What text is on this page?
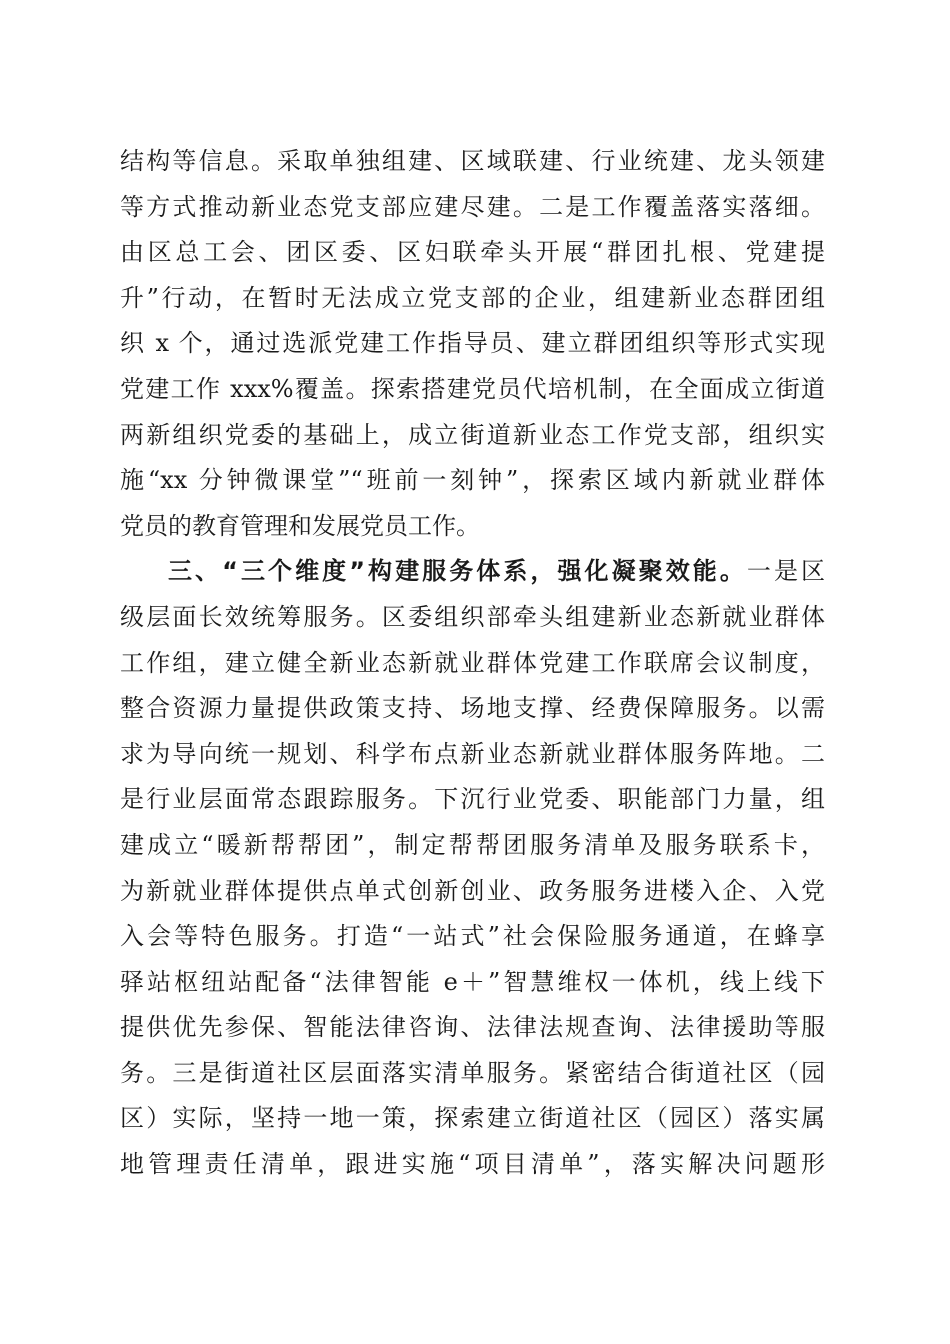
结构等信息。采取单独组建、区域联建、行业统建、龙头领建
等方式推动新业态党支部应建尽建。二是工作覆盖落实落细。
由区总工会、团区委、区妇联牵头开展“群团扎根、党建提
升”行动，在暂时无法成立党支部的企业，组建新业态群团组
织 x 个，通过选派党建工作指导员、建立群团组织等形式实现
党建工作 xxx%覆盖。探索搭建党员代培机制，在全面成立街道
两新组织党委的基础上，成立街道新业态工作党支部，组织实
施“xx 分钟微课堂”“班前一刻钟”，探索区域内新就业群体
党员的教育管理和发展党员工作。
三、“三个维度”构建服务体系，强化凝聚效能。一是区
级层面长效统筹服务。区委组织部牵头组建新业态新就业群体
工作组，建立健全新业态新就业群体党建工作联席会议制度，
整合资源力量提供政策支持、场地支撑、经费保障服务。以需
求为导向统一规划、科学布点新业态新就业群体服务阵地。二
是行业层面常态跟踪服务。下沉行业党委、职能部门力量，组
建成立“暖新帮帮团”，制定帮帮团服务清单及服务联系卡，
为新就业群体提供点单式创新创业、政务服务进楼入企、入党
入会等特色服务。打造“一站式”社会保险服务通道，在蜂享
驿站枢纽站配备“法律智能 e＋”智慧维权一体机，线上线下
提供优先参保、智能法律咨询、法律法规查询、法律援助等服
务。三是街道社区层面落实清单服务。紧密结合街道社区（园
区）实际，坚持一地一策，探索建立街道社区（园区）落实属
地管理责任清单，跟进实施“项目清单”，落实解决问题形
